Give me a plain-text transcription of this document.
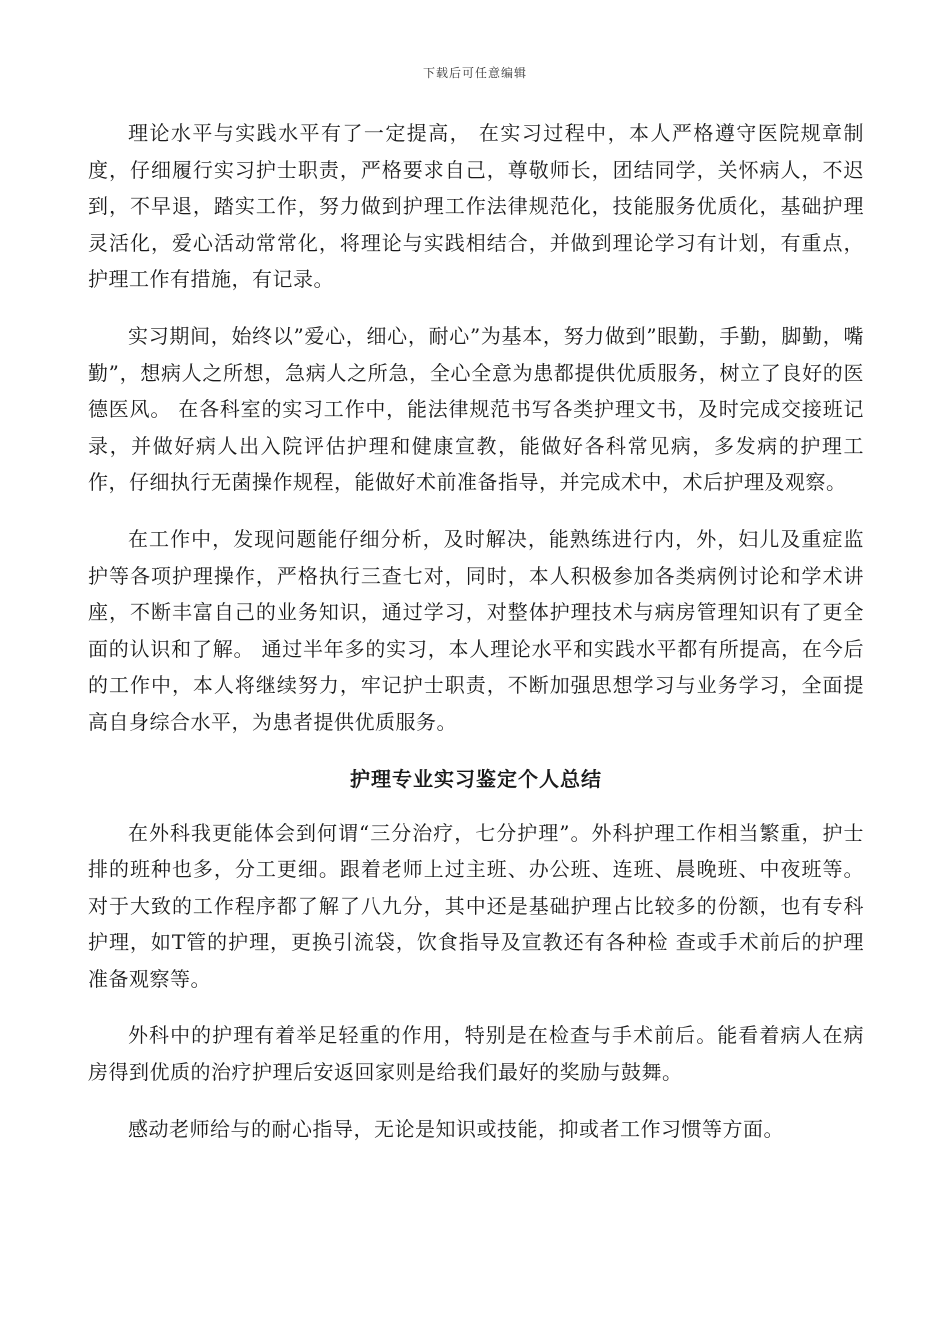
下载后可任意编辑

理论水平与实践水平有了一定提高， 在实习过程中，本人严格遵守医院规章制度，仔细履行实习护士职责，严格要求自己，尊敬师长，团结同学，关怀病人，不迟到，不早退，踏实工作，努力做到护理工作法律规范化，技能服务优质化，基础护理灵活化，爱心活动常常化，将理论与实践相结合，并做到理论学习有计划，有重点，护理工作有措施，有记录。

实习期间，始终以”爱心，细心，耐心”为基本，努力做到”眼勤，手勤，脚勤，嘴勤”，想病人之所想，急病人之所急，全心全意为患都提供优质服务，树立了良好的医德医风。 在各科室的实习工作中，能法律规范书写各类护理文书，及时完成交接班记录，并做好病人出入院评估护理和健康宣教，能做好各科常见病，多发病的护理工作，仔细执行无菌操作规程，能做好术前准备指导，并完成术中，术后护理及观察。

在工作中，发现问题能仔细分析，及时解决，能熟练进行内，外，妇儿及重症监护等各项护理操作，严格执行三查七对，同时，本人积极参加各类病例讨论和学术讲座，不断丰富自己的业务知识，通过学习，对整体护理技术与病房管理知识有了更全面的认识和了解。 通过半年多的实习，本人理论水平和实践水平都有所提高，在今后的工作中，本人将继续努力，牢记护士职责，不断加强思想学习与业务学习，全面提高自身综合水平，为患者提供优质服务。

护理专业实习鉴定个人总结

在外科我更能体会到何谓“三分治疗，七分护理”。外科护理工作相当繁重，护士排的班种也多，分工更细。跟着老师上过主班、办公班、连班、晨晚班、中夜班等。对于大致的工作程序都了解了八九分，其中还是基础护理占比较多的份额，也有专科护理，如T管的护理，更换引流袋，饮食指导及宣教还有各种检 查或手术前后的护理准备观察等。

外科中的护理有着举足轻重的作用，特别是在检查与手术前后。能看着病人在病房得到优质的治疗护理后安返回家则是给我们最好的奖励与鼓舞。

感动老师给与的耐心指导，无论是知识或技能，抑或者工作习惯等方面。
